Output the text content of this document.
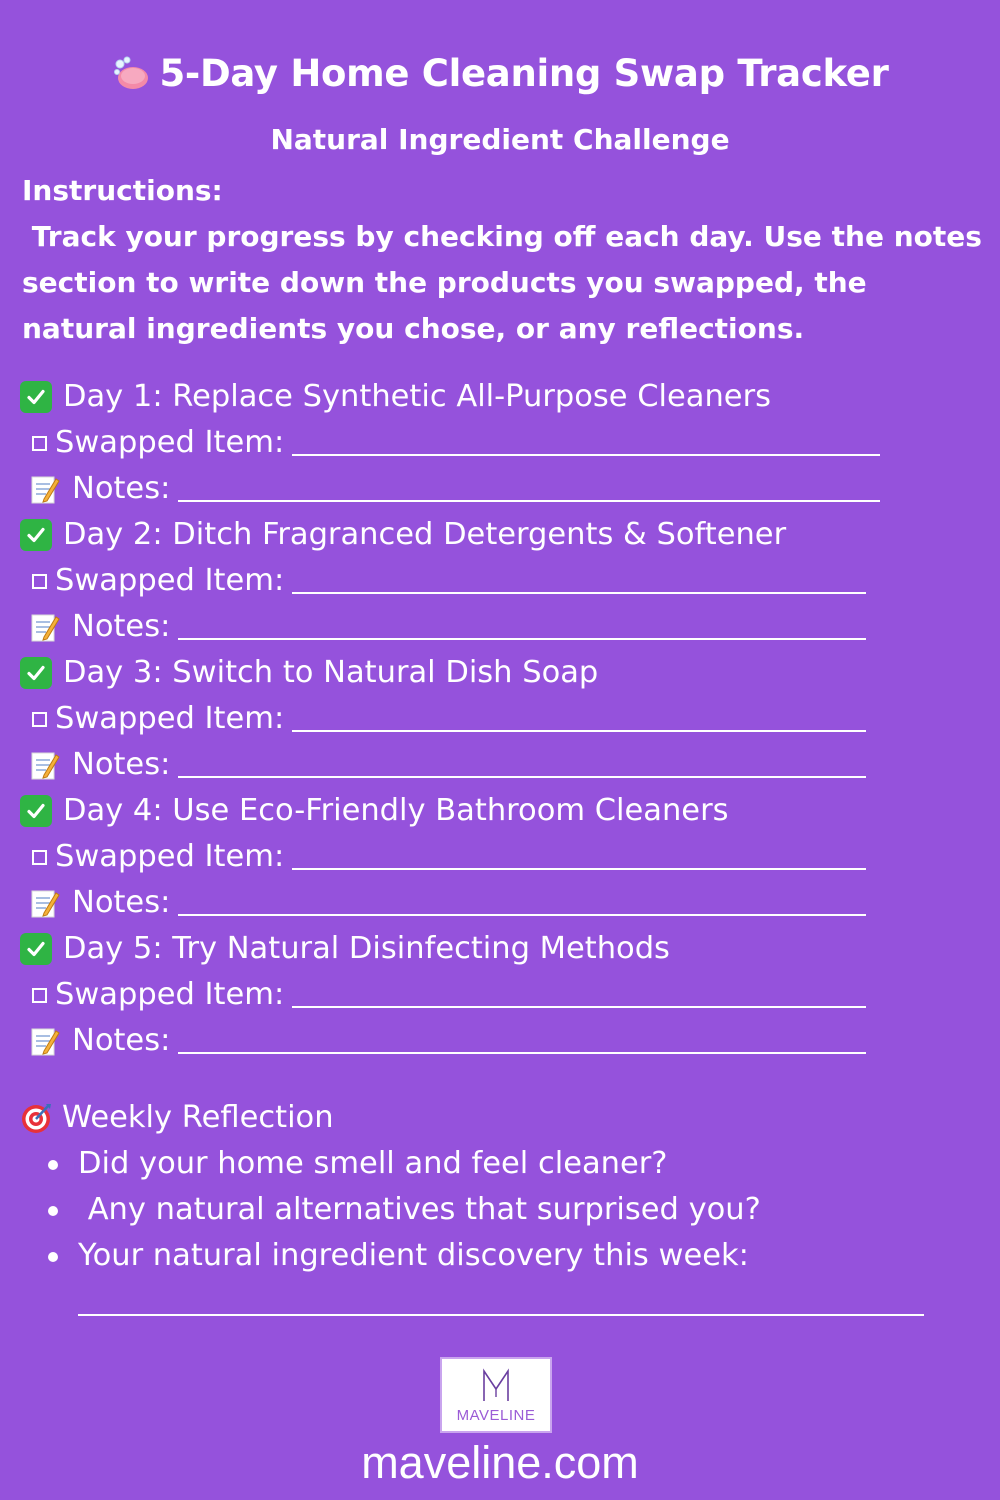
5-Day Home Cleaning Swap Tracker
Natural Ingredient Challenge
Instructions:
Track your progress by checking off each day. Use the notes section to write down the products you swapped, the natural ingredients you chose, or any reflections.
Day 1: Replace Synthetic All-Purpose Cleaners
Swapped Item:
Notes:
Day 2: Ditch Fragranced Detergents & Softener
Swapped Item:
Notes:
Day 3: Switch to Natural Dish Soap
Swapped Item:
Notes:
Day 4: Use Eco-Friendly Bathroom Cleaners
Swapped Item:
Notes:
Day 5: Try Natural Disinfecting Methods
Swapped Item:
Notes:
Weekly Reflection
Did your home smell and feel cleaner?
Any natural alternatives that surprised you?
Your natural ingredient discovery this week:
MAVELINE
maveline.com
